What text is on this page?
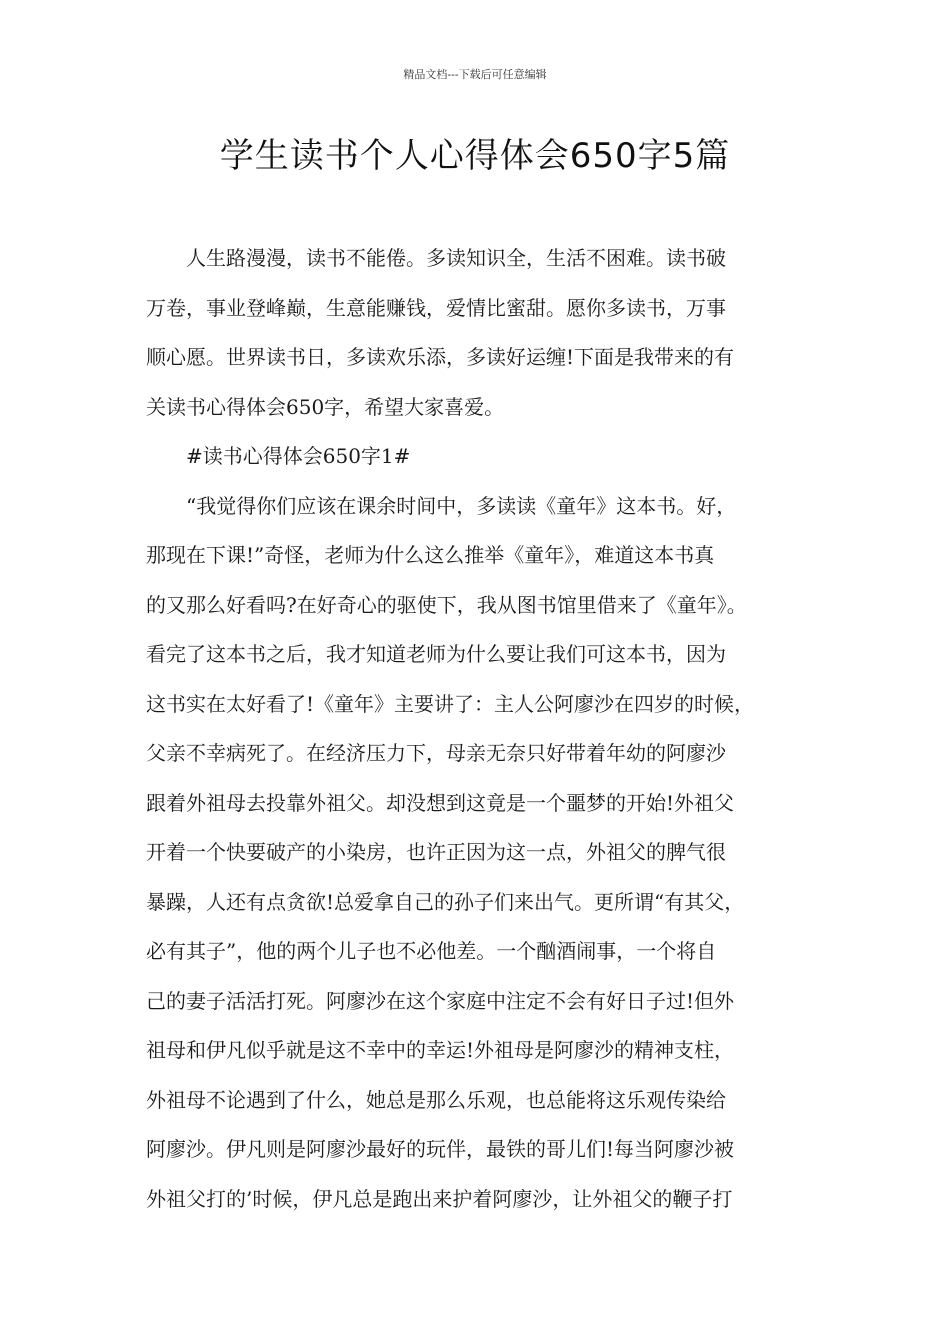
精品文档---下载后可任意编辑
学生读书个人心得体会650字5篇

人生路漫漫，读书不能倦。多读知识全，生活不困难。读书破

万卷，事业登峰巅，生意能赚钱，爱情比蜜甜。愿你多读书，万事

顺心愿。世界读书日，多读欢乐添，多读好运缠!下面是我带来的有

关读书心得体会650字，希望大家喜爱。

#读书心得体会650字1#

“我觉得你们应该在课余时间中，多读读《童年》这本书。好，

那现在下课!”奇怪，老师为什么这么推举《童年》，难道这本书真

的又那么好看吗?在好奇心的驱使下，我从图书馆里借来了《童年》。

看完了这本书之后，我才知道老师为什么要让我们可这本书，因为

这书实在太好看了!《童年》主要讲了：主人公阿廖沙在四岁的时候，

父亲不幸病死了。在经济压力下，母亲无奈只好带着年幼的阿廖沙

跟着外祖母去投靠外祖父。却没想到这竟是一个噩梦的开始!外祖父

开着一个快要破产的小染房，也许正因为这一点，外祖父的脾气很

暴躁，人还有点贪欲!总爱拿自己的孙子们来出气。更所谓“有其父，

必有其子”，他的两个儿子也不必他差。一个酗酒闹事，一个将自

己的妻子活活打死。阿廖沙在这个家庭中注定不会有好日子过!但外

祖母和伊凡似乎就是这不幸中的幸运!外祖母是阿廖沙的精神支柱，

外祖母不论遇到了什么，她总是那么乐观，也总能将这乐观传染给

阿廖沙。伊凡则是阿廖沙最好的玩伴，最铁的哥儿们!每当阿廖沙被

外祖父打的’时候，伊凡总是跑出来护着阿廖沙，让外祖父的鞭子打
